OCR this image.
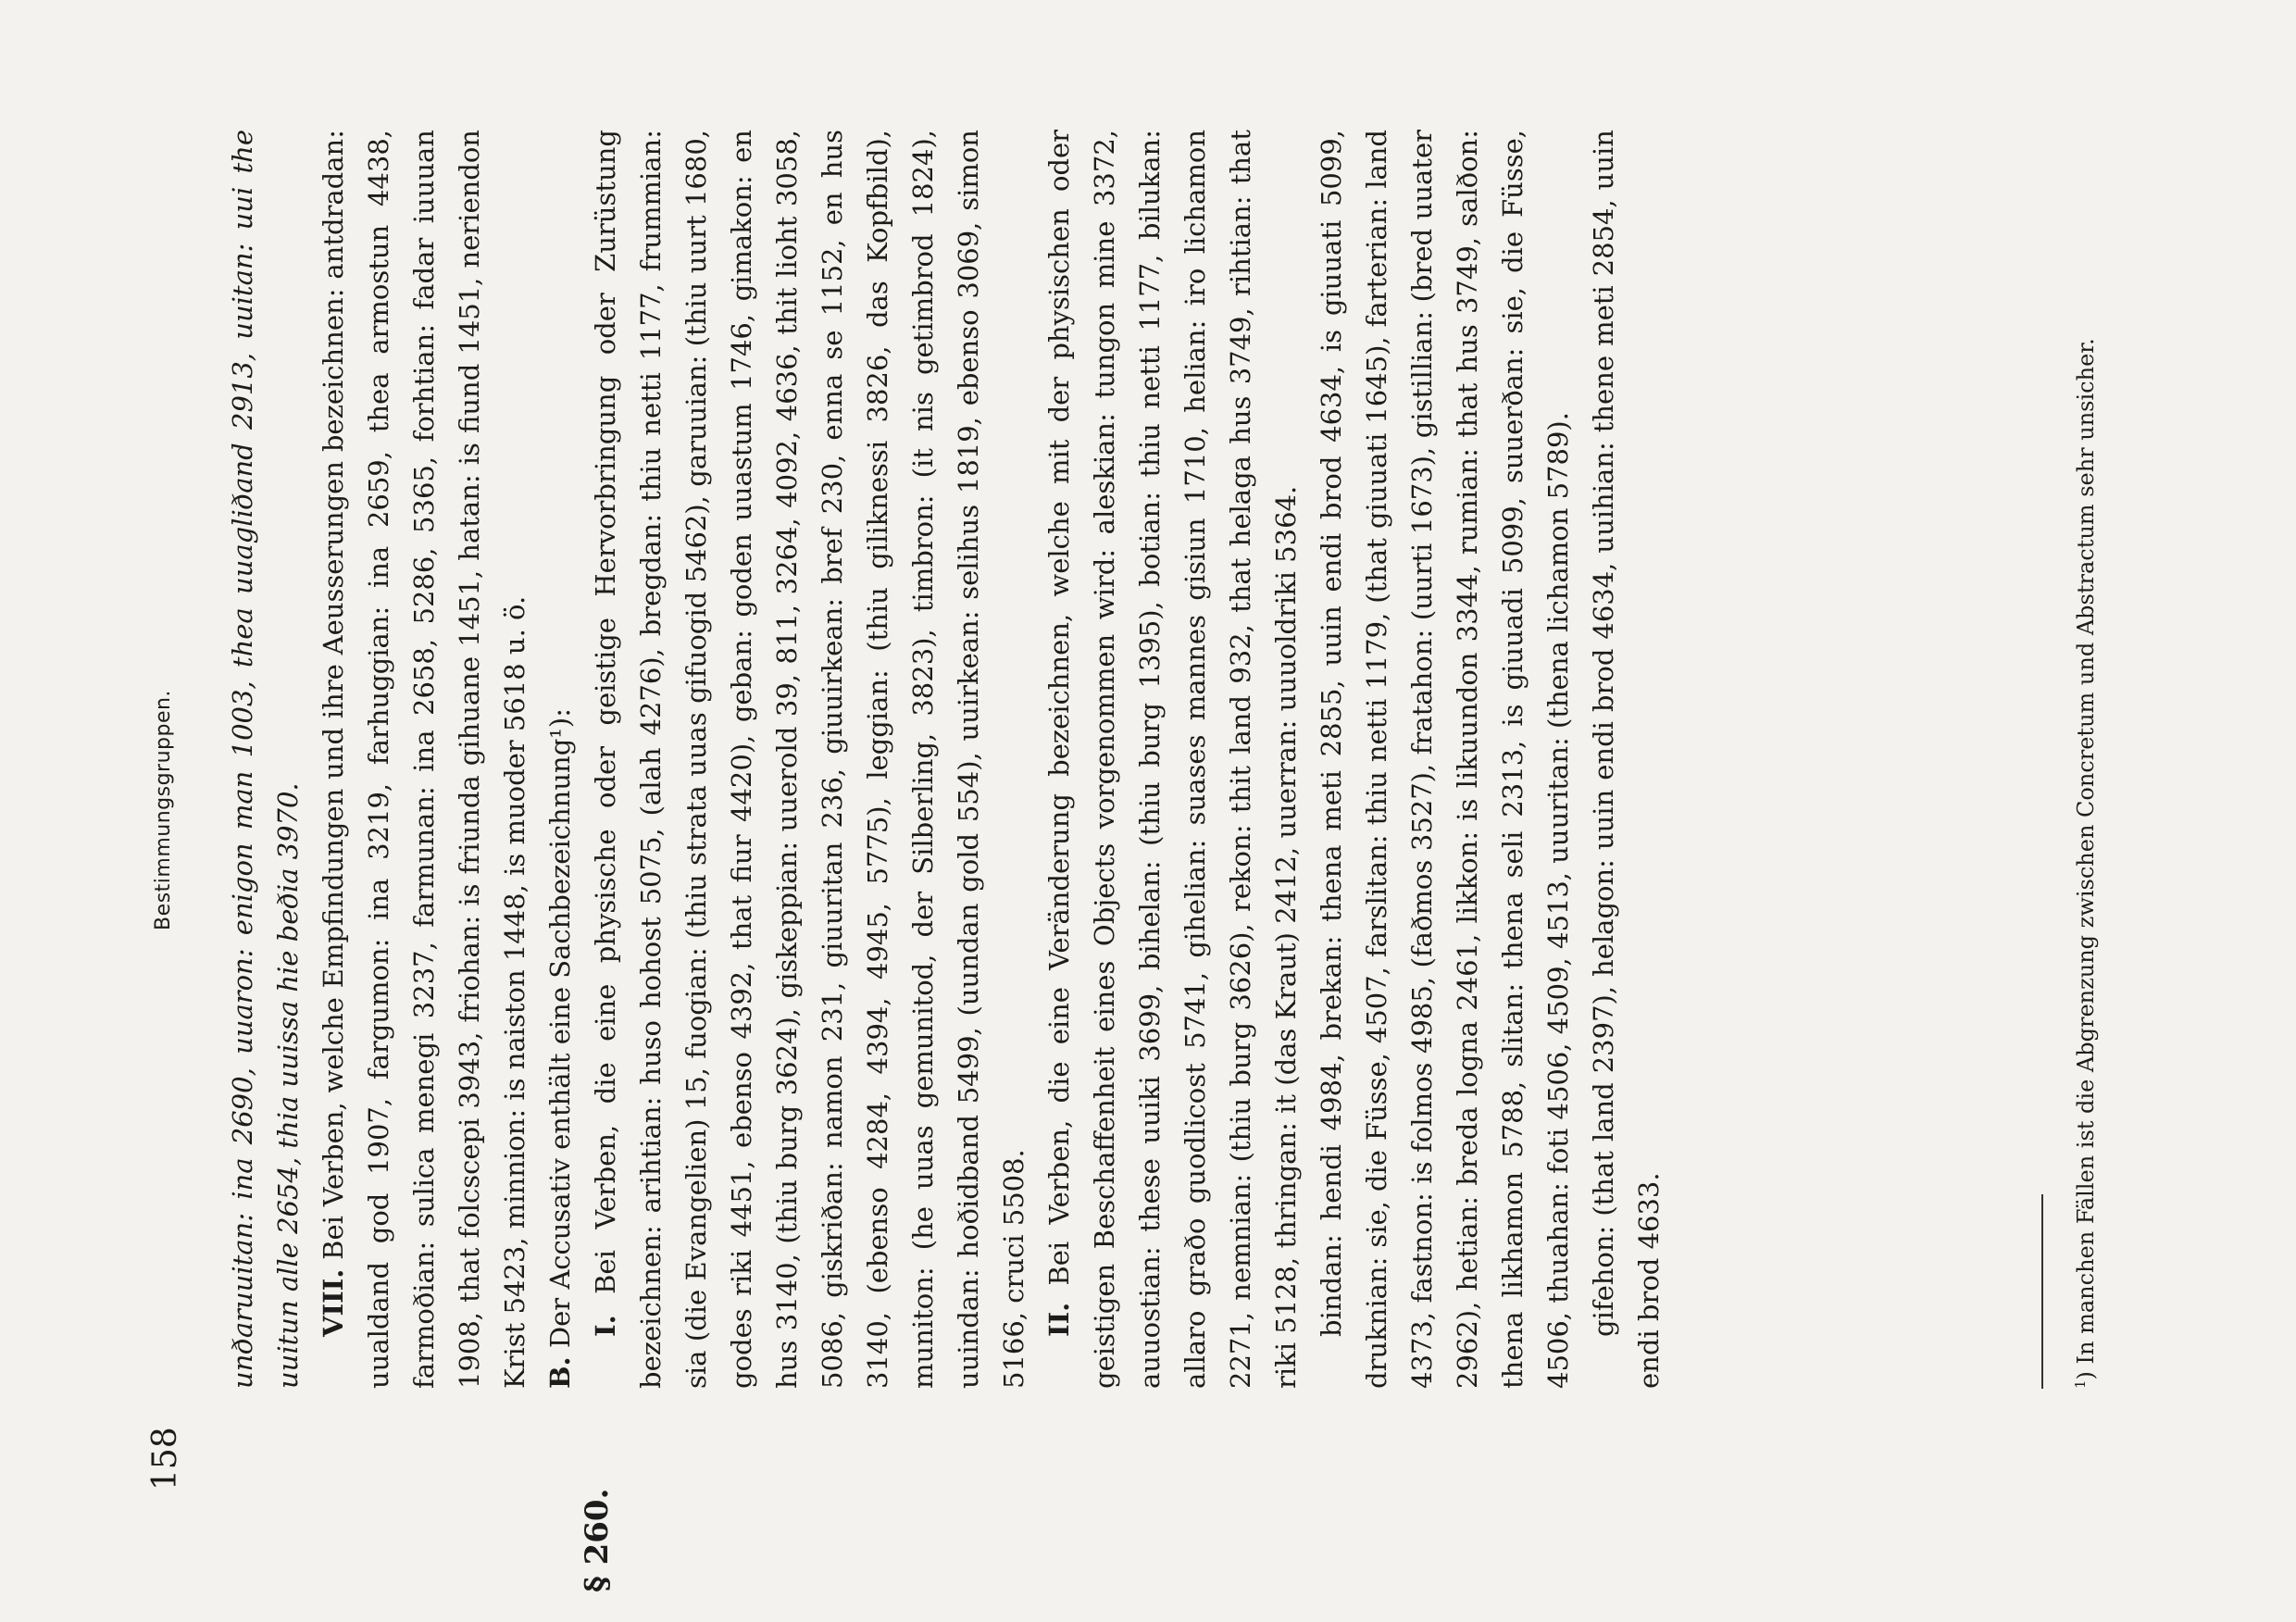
158
Bestimmungsgruppen.
§ 260.

unðaruuitan: ina 2690, uuaron: enigon man 1003, thea uuagliðand 2913, uuitan: uui the uuitun alle 2654, thia uuissa hie beðia 3970. VIII. Bei Verben, welche Empfindungen und ihre Aeusserungen bezeichnen: antdradan: uualdand god 1907, fargumon: ina 3219, farhuggian: ina 2659, thea armostun 4438, farmoðian: sulica menegi 3237, farmunan: ina 2658, 5286, 5365, forhtian: fadar iuuuan 1908, that folcscepi 3943, friohan: is friunda gihuane 1451, hatan: is fiund 1451, neriendon Krist 5423, minnion: is naiston 1448, is muoder 5618 u. ö. B. Der Accusativ enthält eine Sachbezeichnung¹): I. Bei Verben, die eine physische oder geistige Hervorbringung oder Zurüstung bezeichnen: arihtian: huso hohost 5075, (alah 4276), bregdan: thiu netti 1177, frummian: sia (die Evangelien) 15, fuogian: (thiu strata uuas gifuogid 5462), garuuian: (thiu uurt 1680, godes riki 4451, ebenso 4392, that fiur 4420), geban: goden uuastum 1746, gimakon: en hus 3140, (thiu burg 3624), giskeppian: uuerold 39, 811, 3264, 4092, 4636, thit lioht 3058, 5086, giskriðan: namon 231, giuuritan 236, giuuirkean: bref 230, enna se 1152, en hus 3140, (ebenso 4284, 4394, 4945, 5775), leggian: (thiu giliknessi 3826, das Kopfbild), muniton: (he uuas gemunitod, der Silberling, 3823), timbron: (it nis getimbrod 1824), uuindan: hoðidband 5499, (uundan gold 554), uuirkean: selihus 1819, ebenso 3069, simon 5166, cruci 5508. II. Bei Verben, die eine Veränderung bezeichnen, welche mit der physischen oder geistigen Beschaffenheit eines Objects vorgenommen wird: aleskian: tungon mine 3372, auuostian: these uuiki 3699, bihelan: (thiu burg 1395), botian: thiu netti 1177, bilukan: allaro graðo guodlicost 5741, gihelian: suases mannes gisiun 1710, helian: iro lichamon 2271, nemnian: (thiu burg 3626), rekon: thit land 932, that helaga hus 3749, rihtian: that riki 5128, thringan: it (das Kraut) 2412, uuerran: uuuoldriki 5364. bindan: hendi 4984, brekan: thena meti 2855, uuin endi brod 4634, is giuuati 5099, druknian: sie, die Füsse, 4507, farslitan: thiu netti 1179, (that giuuati 1645), farterian: land 4373, fastnon: is folmos 4985, (faðmos 3527), fratahon: (uurti 1673), gistillian: (bred uuater 2962), hetian: breda logna 2461, likkon: is likuundon 3344, rumian: that hus 3749, salðon: thena likhamon 5788, slitan: thena seli 2313, is giuuadi 5099, suuerðan: sie, die Füsse, 4506, thuahan: foti 4506, 4509, 4513, uuuritan: (thena lichamon 5789). gifehon: (that land 2397), helagon: uuin endi brod 4634, uuihian: thene meti 2854, uuin endi brod 4633.	$^1$) In manchen Fällen ist die Abgrenzung zwischen Concretum und Abstractum sehr unsicher.
